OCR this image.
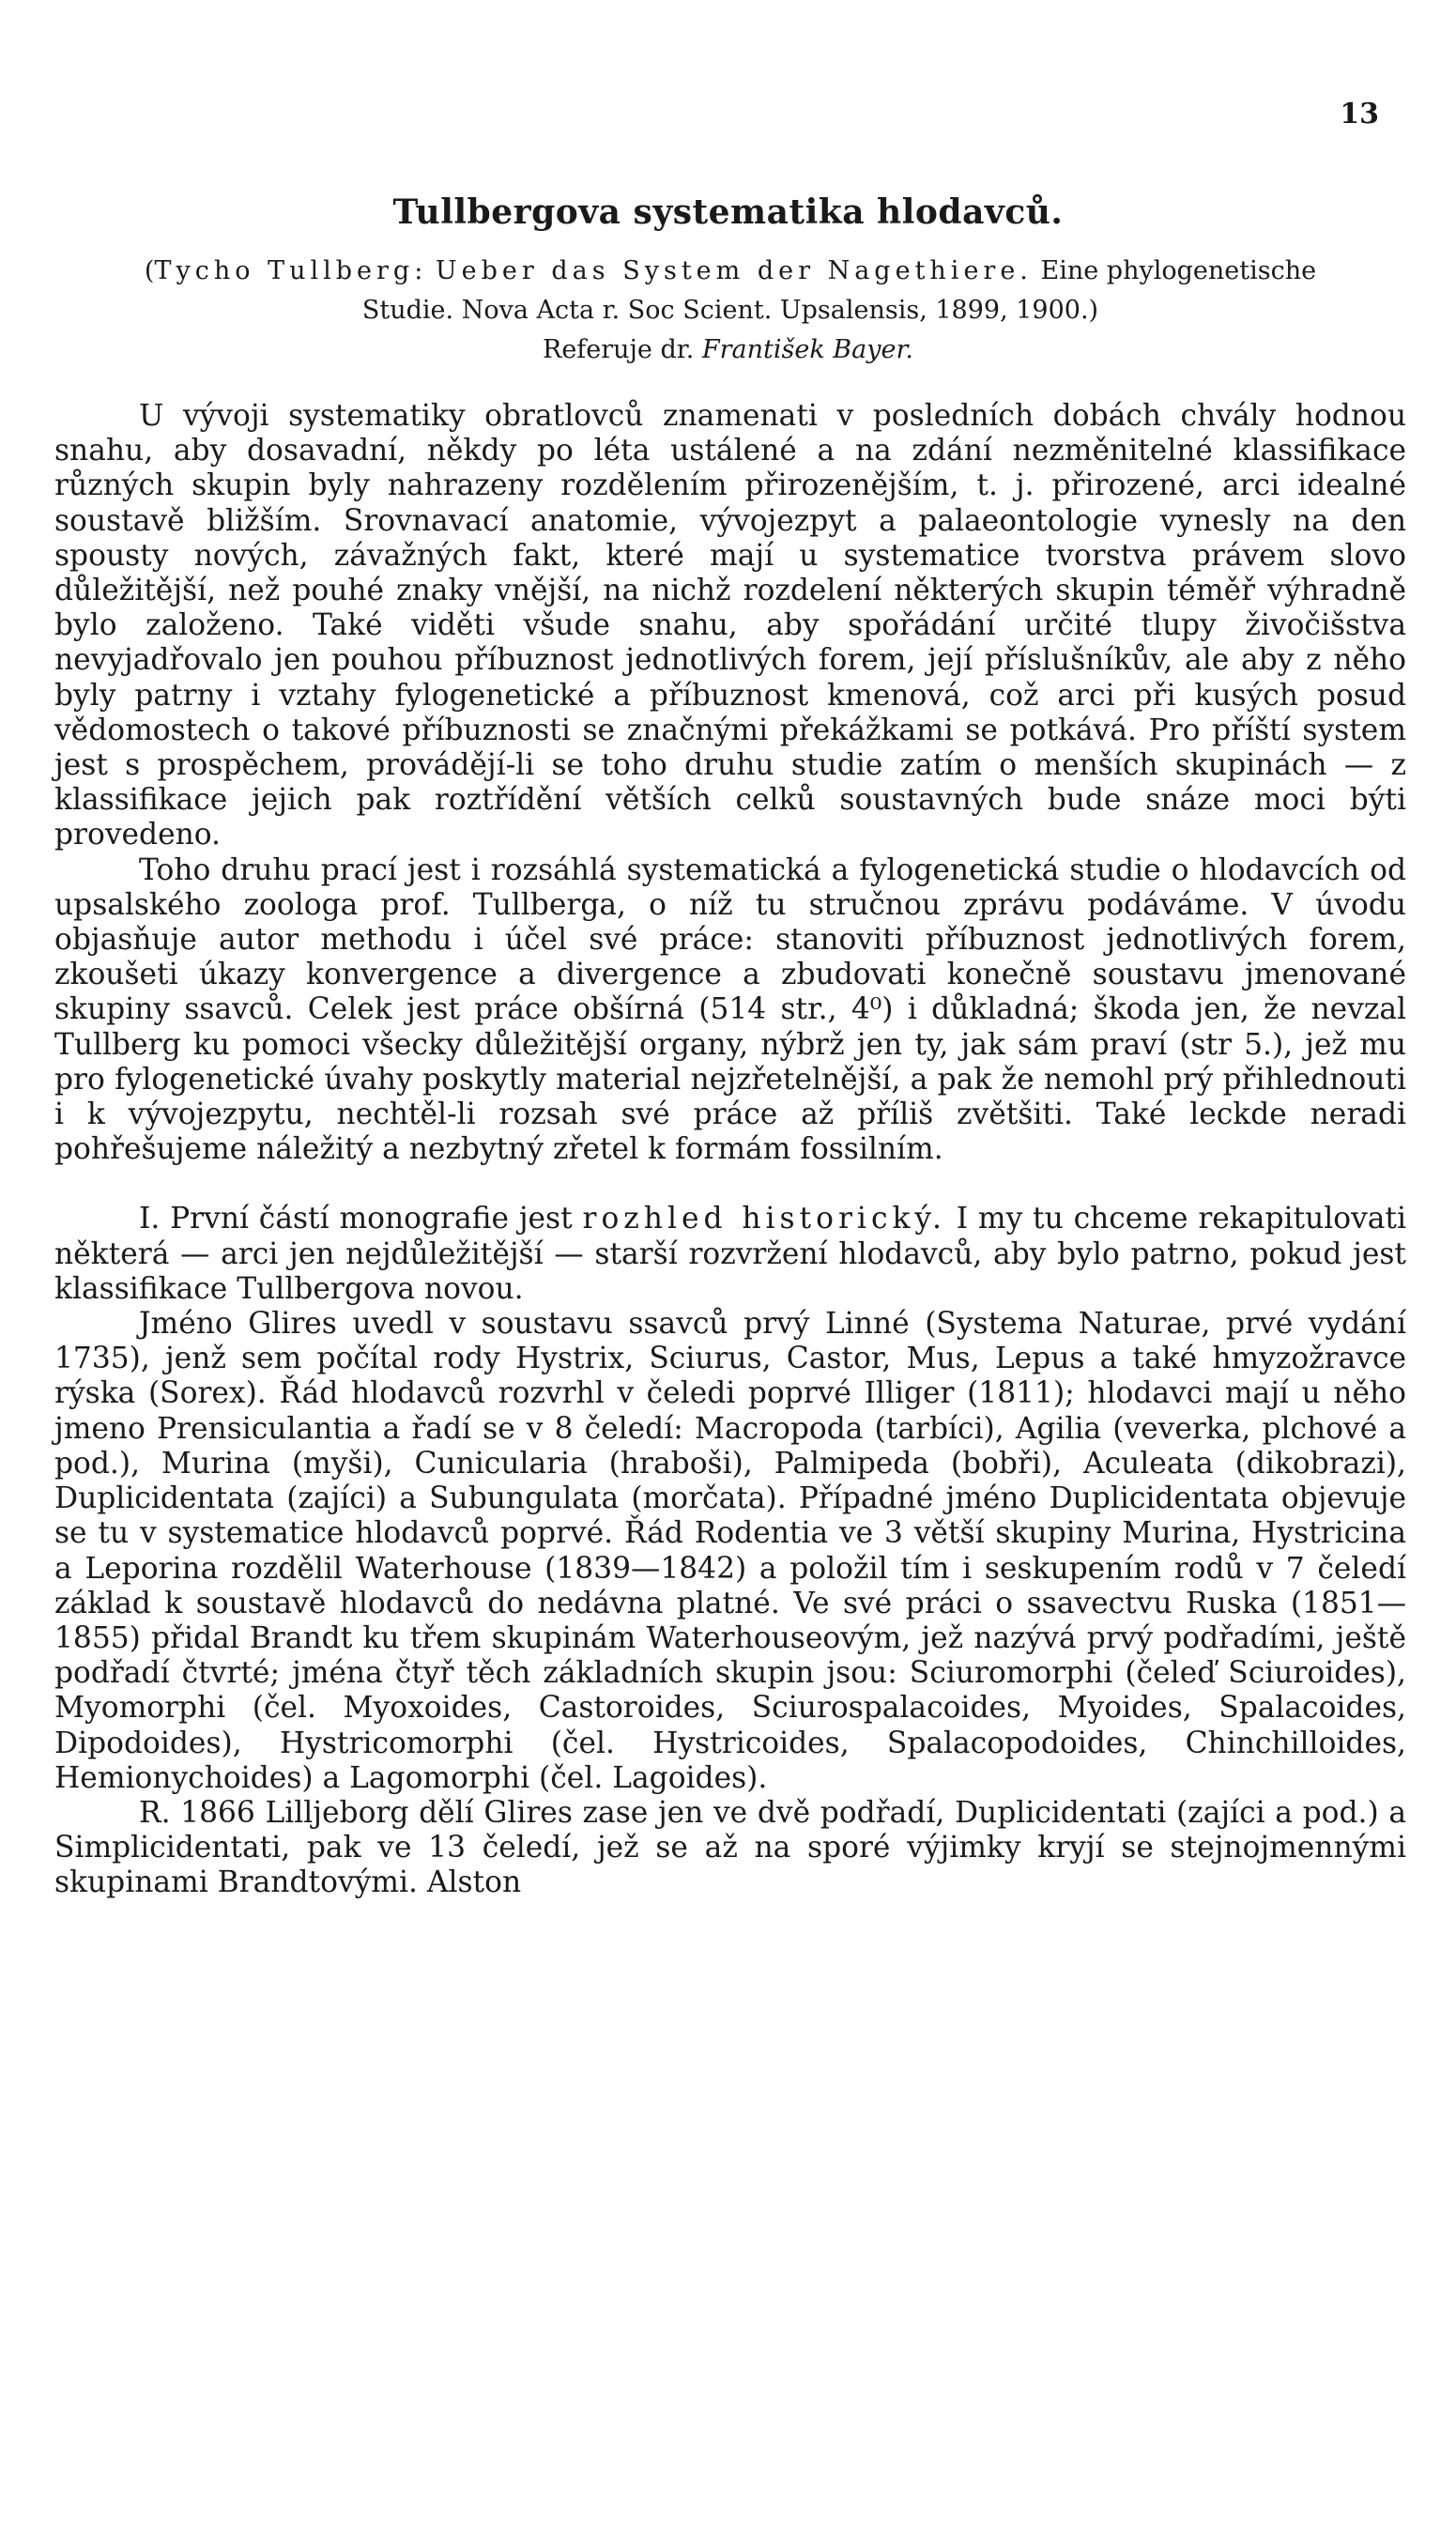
13
Tullbergova systematika hlodavců.
(Tycho Tullberg: Ueber das System der Nagethiere. Eine phylogenetische
Studie. Nova Acta r. Soc Scient. Upsalensis, 1899, 1900.)
Referuje dr. František Bayer.

U vývoji systematiky obratlovců znamenati v posledních dobách chvály hodnou snahu, aby dosavadní, někdy po léta ustálené a na zdání nezměnitelné klassifikace různých skupin byly nahrazeny rozdělením přirozenějším, t. j. přirozené, arci idealné soustavě bližším. Srovnavací anatomie, vývojezpyt a palaeontologie vynesly na den spousty nových, závažných fakt, které mají u systematice tvorstva právem slovo důležitější, než pouhé znaky vnější, na nichž rozdelení některých skupin téměř výhradně bylo založeno. Také viděti všude snahu, aby spořádání určité tlupy živočišstva nevyjadřovalo jen pouhou příbuznost jednotlivých forem, její příslušníkův, ale aby z něho byly patrny i vztahy fylogenetické a příbuznost kmenová, což arci při kusých posud vědomostech o takové příbuznosti se značnými překážkami se potkává. Pro příští system jest s prospěchem, provádějí-li se toho druhu studie zatím o menších skupinách — z klassifikace jejich pak roztřídění větších celků soustavných bude snáze moci býti provedeno.

Toho druhu prací jest i rozsáhlá systematická a fylogenetická studie o hlodavcích od upsalského zoologa prof. Tullberga, o níž tu stručnou zprávu podáváme. V úvodu objasňuje autor methodu i účel své práce: stanoviti příbuznost jednotlivých forem, zkoušeti úkazy konvergence a divergence a zbudovati konečně soustavu jmenované skupiny ssavců. Celek jest práce obšírná (514 str., 4⁰) i důkladná; škoda jen, že nevzal Tullberg ku pomoci všecky důležitější organy, nýbrž jen ty, jak sám praví (str 5.), jež mu pro fylogenetické úvahy poskytly material nejzřetelnější, a pak že nemohl prý přihlednouti i k vývojezpytu, nechtěl-li rozsah své práce až příliš zvětšiti. Také leckde neradi pohřešujeme náležitý a nezbytný zřetel k formám fossilním.

I. První částí monografie jest rozhled historický. I my tu chceme rekapitulovati některá — arci jen nejdůležitější — starší rozvržení hlodavců, aby bylo patrno, pokud jest klassifikace Tullbergova novou.

Jméno Glires uvedl v soustavu ssavců prvý Linné (Systema Naturae, prvé vydání 1735), jenž sem počítal rody Hystrix, Sciurus, Castor, Mus, Lepus a také hmyzožravce rýska (Sorex). Řád hlodavců rozvrhl v čeledi poprvé Illiger (1811); hlodavci mají u něho jmeno Prensiculantia a řadí se v 8 čeledí: Macropoda (tarbíci), Agilia (veverka, plchové a pod.), Murina (myši), Cunicularia (hraboši), Palmipeda (bobři), Aculeata (dikobrazi), Duplicidentata (zajíci) a Subungulata (morčata). Případné jméno Duplicidentata objevuje se tu v systematice hlodavců poprvé. Řád Rodentia ve 3 větší skupiny Murina, Hystricina a Leporina rozdělil Waterhouse (1839—1842) a položil tím i seskupením rodů v 7 čeledí základ k soustavě hlodavců do nedávna platné. Ve své práci o ssavectvu Ruska (1851—1855) přidal Brandt ku třem skupinám Waterhouseovým, jež nazývá prvý podřadími, ještě podřadí čtvrté; jména čtyř těch základních skupin jsou: Sciuromorphi (čeleď Sciuroides), Myomorphi (čel. Myoxoides, Castoroides, Sciurospalacoides, Myoides, Spalacoides, Dipodoides), Hystricomorphi (čel. Hystricoides, Spalacopodoides, Chinchilloides, Hemionychoides) a Lagomorphi (čel. Lagoides).

R. 1866 Lilljeborg dělí Glires zase jen ve dvě podřadí, Duplicidentati (zajíci a pod.) a Simplicidentati, pak ve 13 čeledí, jež se až na sporé výjimky kryjí se stejnojmennými skupinami Brandtovými. Alston
